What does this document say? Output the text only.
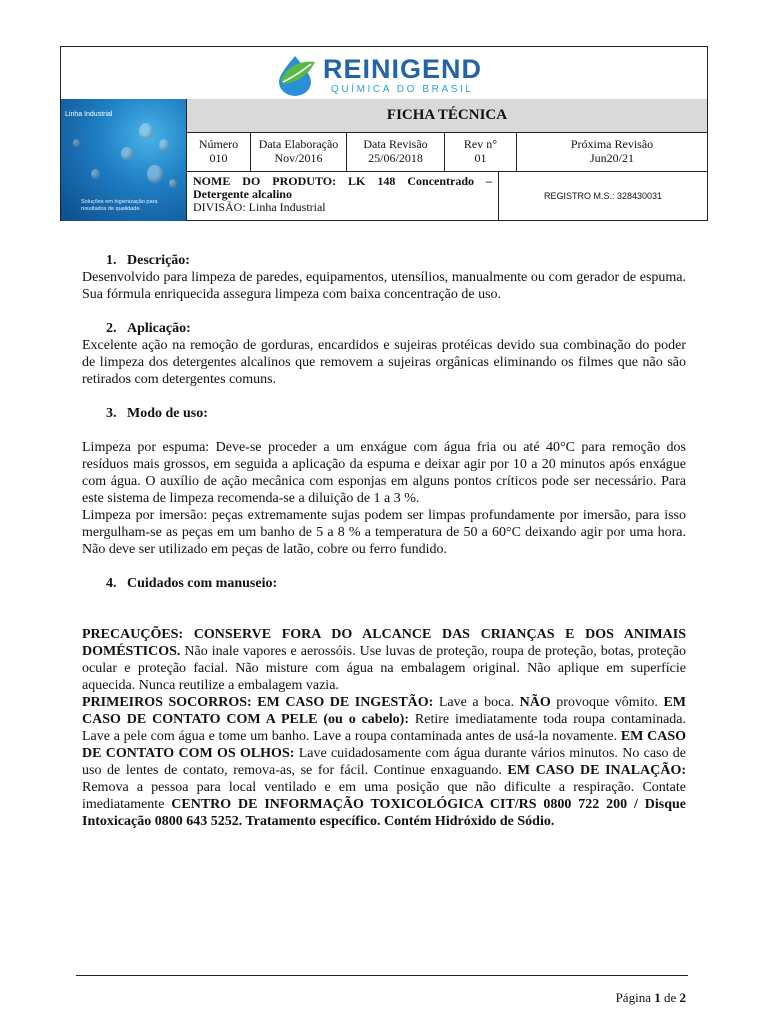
REINIGEND
QUÍMICA DO BRASIL
Linha Industrial
Soluções em higienização para resultados de qualidade.
FICHA TÉCNICA
Número
010
Data Elaboração
Nov/2016
Data Revisão
25/06/2018
Rev n°
01
Próxima Revisão
Jun20/21
NOME DO PRODUTO: LK 148 Concentrado – Detergente alcalino
DIVISÃO: Linha Industrial
REGISTRO M.S.: 328430031
1.   Descrição:

Desenvolvido para limpeza de paredes, equipamentos, utensílios, manualmente ou com gerador de espuma. Sua fórmula enriquecida assegura limpeza com baixa concentração de uso.

2.   Aplicação:

Excelente ação na remoção de gorduras, encardidos e sujeiras protéicas devido sua combinação do poder de limpeza dos detergentes alcalinos que removem a sujeiras orgânicas eliminando os filmes que não são retirados com detergentes comuns.

3.   Modo de uso:

Limpeza por espuma: Deve-se proceder a um enxágue com água fria ou até 40°C para remoção dos resíduos mais grossos, em seguida a aplicação da espuma e deixar agir por 10 a 20 minutos após enxágue com água. O auxílio de ação mecânica com esponjas em alguns pontos críticos pode ser necessário. Para este sistema de limpeza recomenda-se a diluição de 1 a 3 %.

Limpeza por imersão: peças extremamente sujas podem ser limpas profundamente por imersão, para isso mergulham-se as peças em um banho de 5 a 8 % a temperatura de 50 a 60°C deixando agir por uma hora. Não deve ser utilizado em peças de latão, cobre ou ferro fundido.

4.   Cuidados com manuseio:

PRECAUÇÕES: CONSERVE FORA DO ALCANCE DAS CRIANÇAS E DOS ANIMAIS DOMÉSTICOS. Não inale vapores e aerossóis. Use luvas de proteção, roupa de proteção, botas, proteção ocular e proteção facial. Não misture com água na embalagem original. Não aplique em superfície aquecida. Nunca reutilize a embalagem vazia.
PRIMEIROS SOCORROS: EM CASO DE INGESTÃO: Lave a boca. NÃO provoque vômito. EM CASO DE CONTATO COM A PELE (ou o cabelo): Retire imediatamente toda roupa contaminada. Lave a pele com água e tome um banho. Lave a roupa contaminada antes de usá-la novamente. EM CASO DE CONTATO COM OS OLHOS: Lave cuidadosamente com água durante vários minutos. No caso de uso de lentes de contato, remova-as, se for fácil. Continue enxaguando. EM CASO DE INALAÇÃO: Remova a pessoa para local ventilado e em uma posição que não dificulte a respiração. Contate imediatamente CENTRO DE INFORMAÇÃO TOXICOLÓGICA CIT/RS 0800 722 200 / Disque Intoxicação 0800 643 5252. Tratamento específico. Contém Hidróxido de Sódio.

Página 1 de 2
